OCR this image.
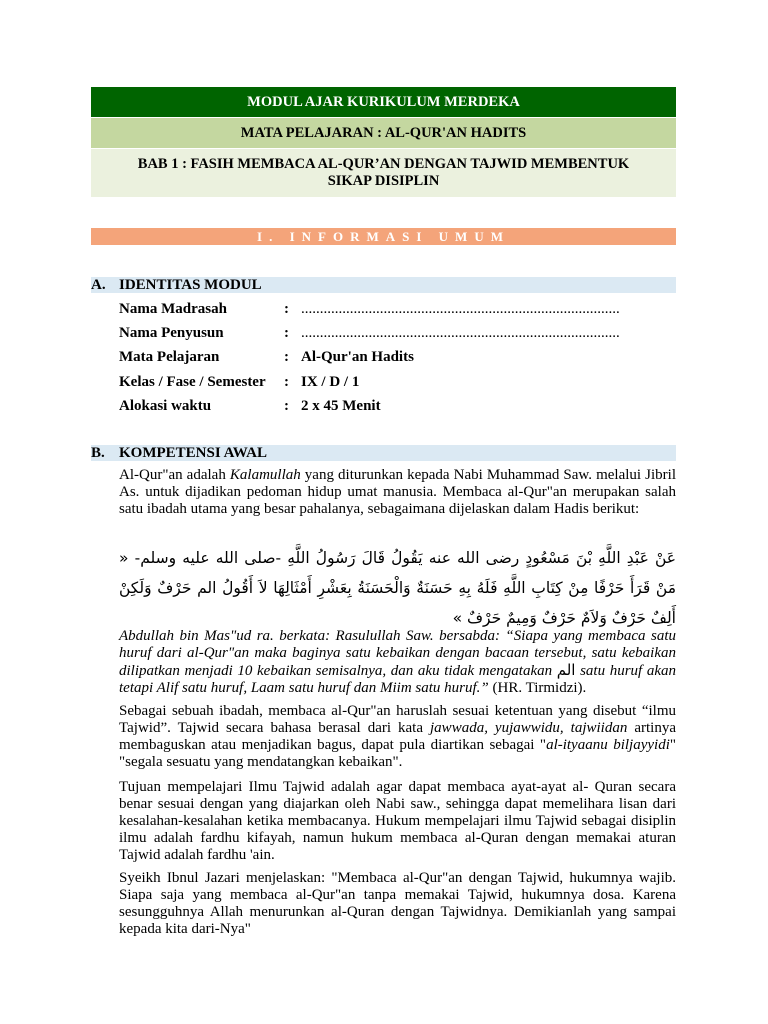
MODUL AJAR KURIKULUM MERDEKA
MATA PELAJARAN : AL-QUR'AN HADITS
BAB 1 : FASIH MEMBACA AL-QUR’AN DENGAN TAJWID MEMBENTUK
SIKAP DISIPLIN
I. INFORMASI UMUM
A. IDENTITAS MODUL
Nama Madrasah	: .....................................................................................
Nama Penyusun	: .....................................................................................
Mata Pelajaran	: Al-Qur'an Hadits
Kelas / Fase / Semester : IX / D / 1
Alokasi waktu	: 2 x 45 Menit
B. KOMPETENSI AWAL

Al-Qur"an adalah Kalamullah yang diturunkan kepada Nabi Muhammad Saw. melalui Jibril As. untuk dijadikan pedoman hidup umat manusia. Membaca al-Qur"an merupakan salah satu ibadah utama yang besar pahalanya, sebagaimana dijelaskan dalam Hadis berikut:

عَنْ عَبْدِ اللَّهِ بْنَ مَسْعُودٍ رضى الله عنه يَقُولُ قَالَ رَسُولُ اللَّهِ -صلى الله عليه وسلم- « مَنْ قَرَأَ حَرْفًا مِنْ كِتَابِ اللَّهِ فَلَهُ بِهِ حَسَنَةٌ وَالْحَسَنَةُ بِعَشْرِ أَمْثَالِهَا لاَ أَقُولُ الم حَرْفٌ وَلَكِنْ أَلِفٌ حَرْفٌ وَلاَمٌ حَرْفٌ وَمِيمٌ حَرْفٌ »

Abdullah bin Mas"ud ra. berkata: Rasulullah Saw. bersabda: “Siapa yang membaca satu huruf dari al-Qur"an maka baginya satu kebaikan dengan bacaan tersebut, satu kebaikan dilipatkan menjadi 10 kebaikan semisalnya, dan aku tidak mengatakan الم satu huruf akan tetapi Alif satu huruf, Laam satu huruf dan Miim satu huruf.” (HR. Tirmidzi).

Sebagai sebuah ibadah, membaca al-Qur"an haruslah sesuai ketentuan yang disebut “ilmu Tajwid”. Tajwid secara bahasa berasal dari kata jawwada, yujawwidu, tajwiidan artinya membaguskan atau menjadikan bagus, dapat pula diartikan sebagai "al-ityaanu biljayyidi" "segala sesuatu yang mendatangkan kebaikan".

Tujuan mempelajari Ilmu Tajwid adalah agar dapat membaca ayat-ayat al- Quran secara benar sesuai dengan yang diajarkan oleh Nabi saw., sehingga dapat memelihara lisan dari kesalahan-kesalahan ketika membacanya. Hukum mempelajari ilmu Tajwid sebagai disiplin ilmu adalah fardhu kifayah, namun hukum membaca al-Quran dengan memakai aturan Tajwid adalah fardhu 'ain.

Syeikh Ibnul Jazari menjelaskan: "Membaca al-Qur"an dengan Tajwid, hukumnya wajib. Siapa saja yang membaca al-Qur"an tanpa memakai Tajwid, hukumnya dosa. Karena sesungguhnya Allah menurunkan al-Quran dengan Tajwidnya. Demikianlah yang sampai kepada kita dari-Nya"
